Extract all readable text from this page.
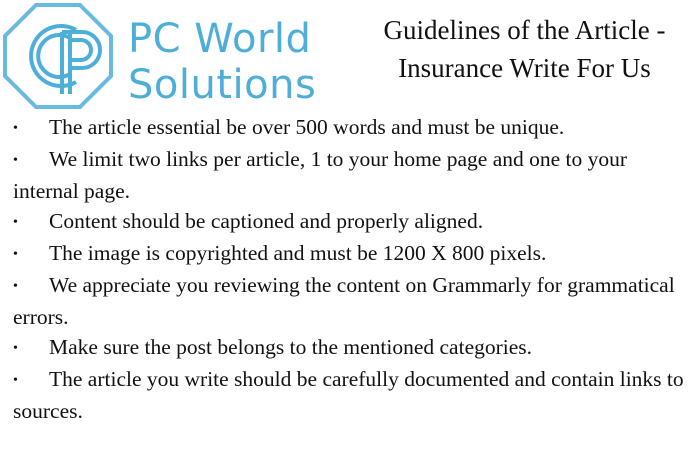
PC World
Solutions
Guidelines of the Article -
Insurance Write For Us
• The article essential be over 500 words and must be unique.
• We limit two links per article, 1 to your home page and one to your internal page.
• Content should be captioned and properly aligned.
• The image is copyrighted and must be 1200 X 800 pixels.
• We appreciate you reviewing the content on Grammarly for grammatical errors.
• Make sure the post belongs to the mentioned categories.
• The article you write should be carefully documented and contain links to sources.
